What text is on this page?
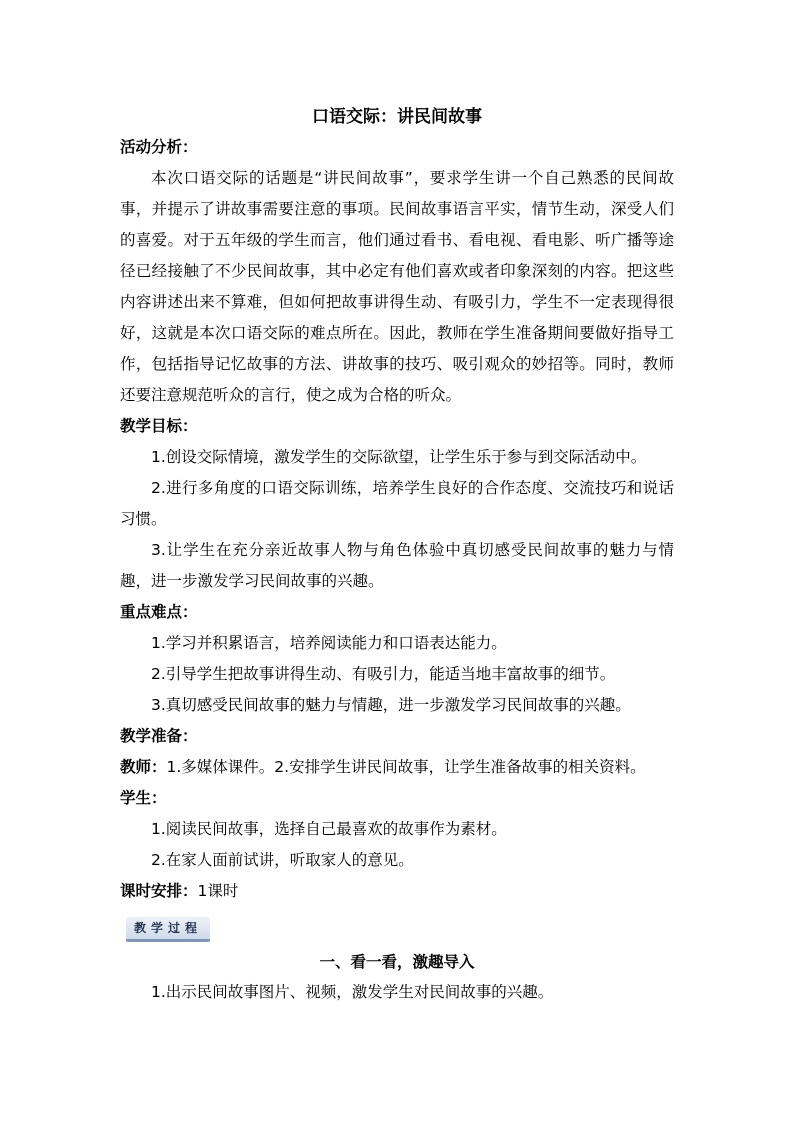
口语交际：讲民间故事

活动分析：

本次口语交际的话题是“讲民间故事”，要求学生讲一个自己熟悉的民间故事，并提示了讲故事需要注意的事项。民间故事语言平实，情节生动，深受人们的喜爱。对于五年级的学生而言，他们通过看书、看电视、看电影、听广播等途径已经接触了不少民间故事，其中必定有他们喜欢或者印象深刻的内容。把这些内容讲述出来不算难，但如何把故事讲得生动、有吸引力，学生不一定表现得很好，这就是本次口语交际的难点所在。因此，教师在学生准备期间要做好指导工作，包括指导记忆故事的方法、讲故事的技巧、吸引观众的妙招等。同时，教师还要注意规范听众的言行，使之成为合格的听众。

教学目标：

1.创设交际情境，激发学生的交际欲望，让学生乐于参与到交际活动中。

2.进行多角度的口语交际训练，培养学生良好的合作态度、交流技巧和说话习惯。

3.让学生在充分亲近故事人物与角色体验中真切感受民间故事的魅力与情趣，进一步激发学习民间故事的兴趣。

重点难点：

1.学习并积累语言，培养阅读能力和口语表达能力。

2.引导学生把故事讲得生动、有吸引力，能适当地丰富故事的细节。

3.真切感受民间故事的魅力与情趣，进一步激发学习民间故事的兴趣。

教学准备：

教师：1.多媒体课件。2.安排学生讲民间故事，让学生准备故事的相关资料。

学生：

1.阅读民间故事，选择自己最喜欢的故事作为素材。

2.在家人面前试讲，听取家人的意见。

课时安排：1课时

教学过程

一、看一看，激趣导入

1.出示民间故事图片、视频，激发学生对民间故事的兴趣。
